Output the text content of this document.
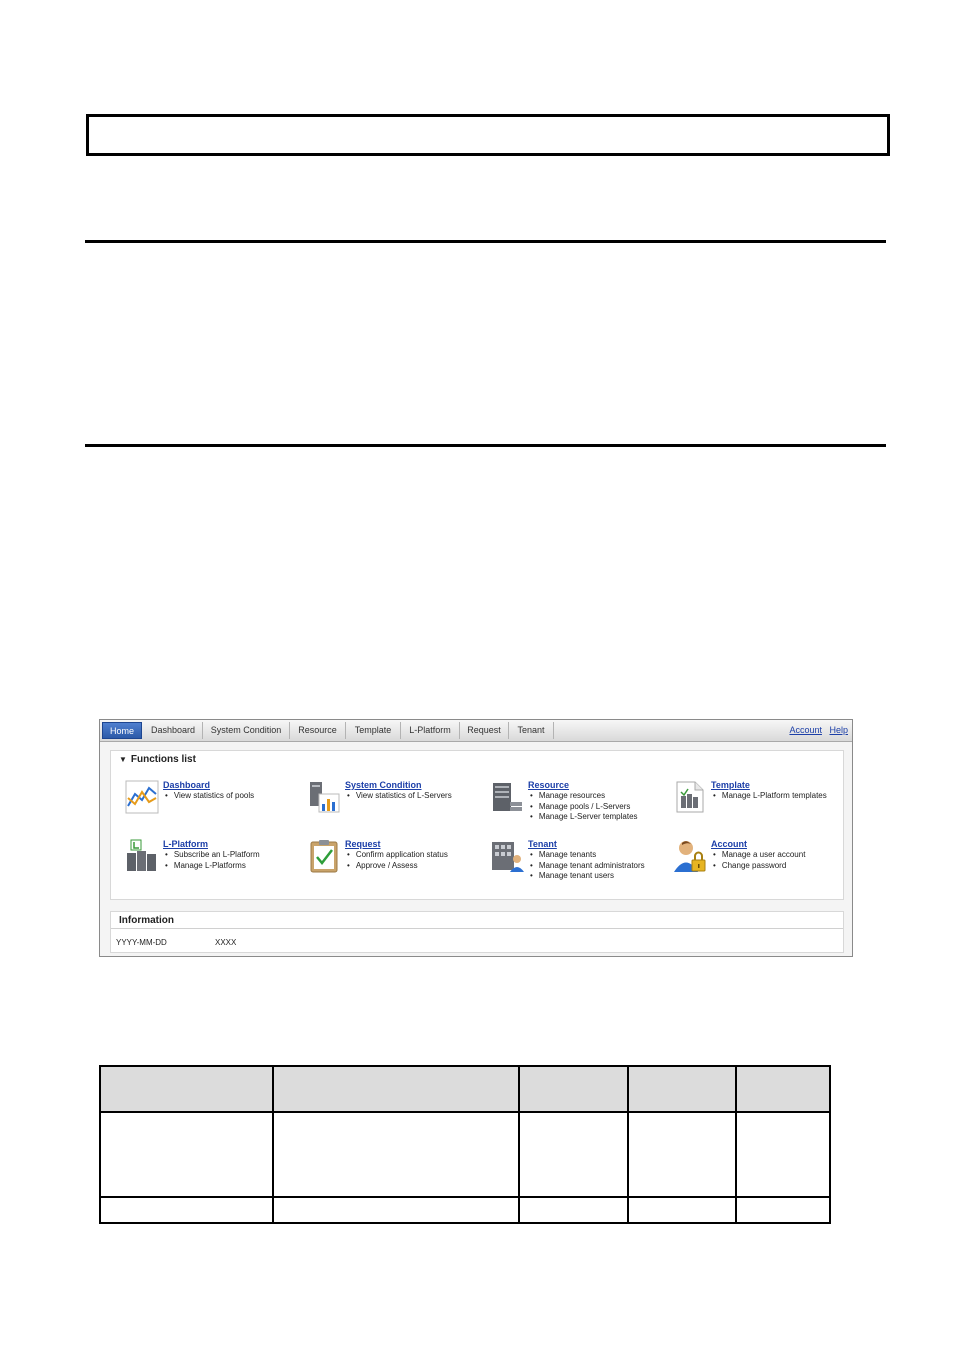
Home	Dashboard	System Condition	Resource	Template	L-Platform	Request	Tenant	Account Help
▼ Functions list
Dashboard
• View statistics of pools
System Condition
• View statistics of L-Servers
Resource
• Manage resources
• Manage pools / L-Servers
• Manage L-Server templates
Template
• Manage L-Platform templates
L-Platform
• Subscribe an L-Platform
• Manage L-Platforms
Request
• Confirm application status
• Approve / Assess
Tenant
• Manage tenants
• Manage tenant administrators
• Manage tenant users
Account
• Manage a user account
• Change password
Information
YYYY-MM-DD	XXXX
